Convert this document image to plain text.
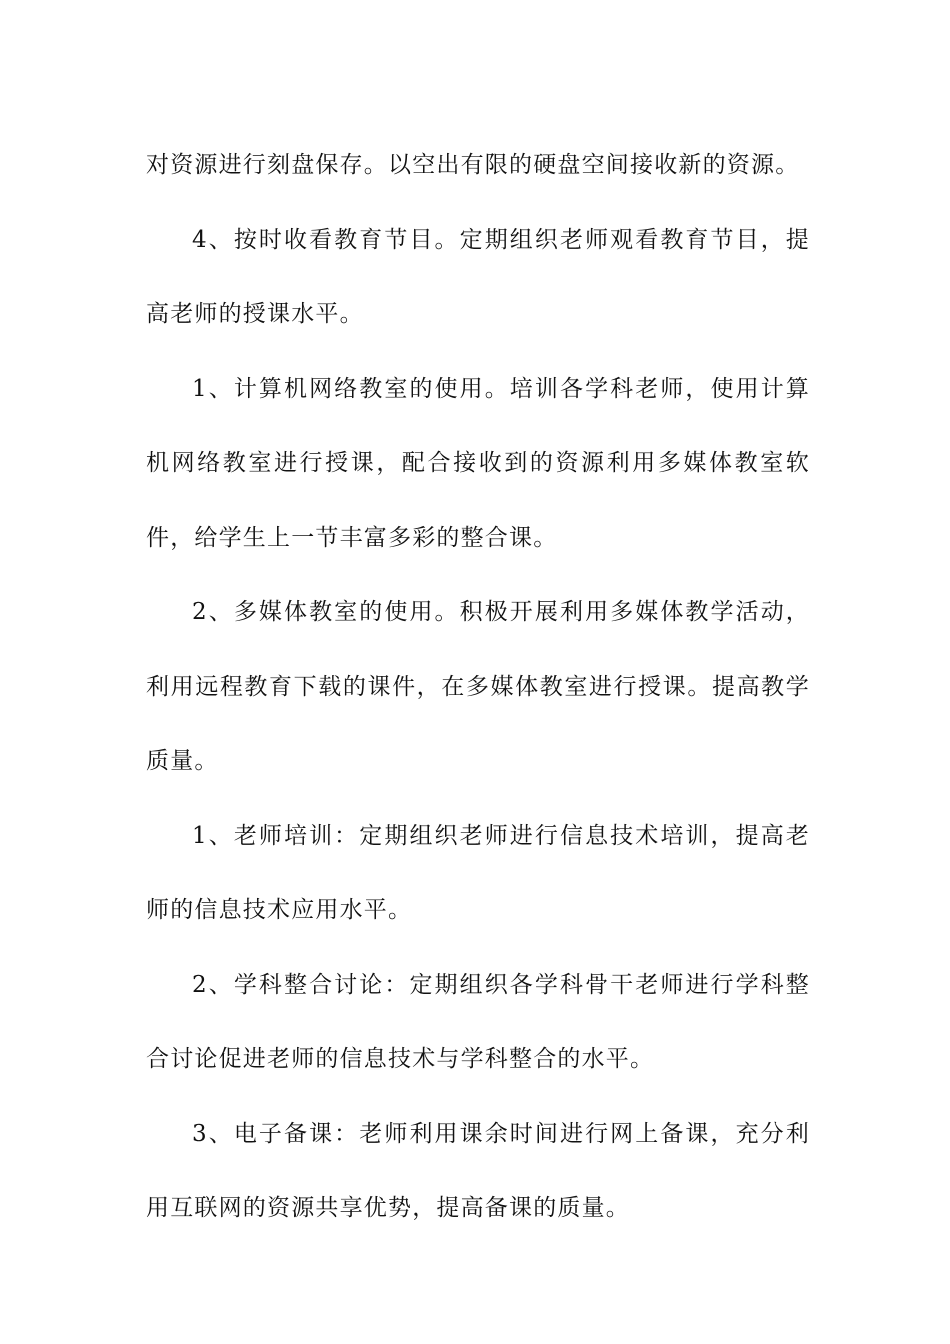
对资源进行刻盘保存。以空出有限的硬盘空间接收新的资源。

4、按时收看教育节目。定期组织老师观看教育节目，提高老师的授课水平。

1、计算机网络教室的使用。培训各学科老师，使用计算机网络教室进行授课，配合接收到的资源利用多媒体教室软件，给学生上一节丰富多彩的整合课。

2、多媒体教室的使用。积极开展利用多媒体教学活动，利用远程教育下载的课件，在多媒体教室进行授课。提高教学质量。

1、老师培训：定期组织老师进行信息技术培训，提高老师的信息技术应用水平。

2、学科整合讨论：定期组织各学科骨干老师进行学科整合讨论促进老师的信息技术与学科整合的水平。

3、电子备课：老师利用课余时间进行网上备课，充分利用互联网的资源共享优势，提高备课的质量。
